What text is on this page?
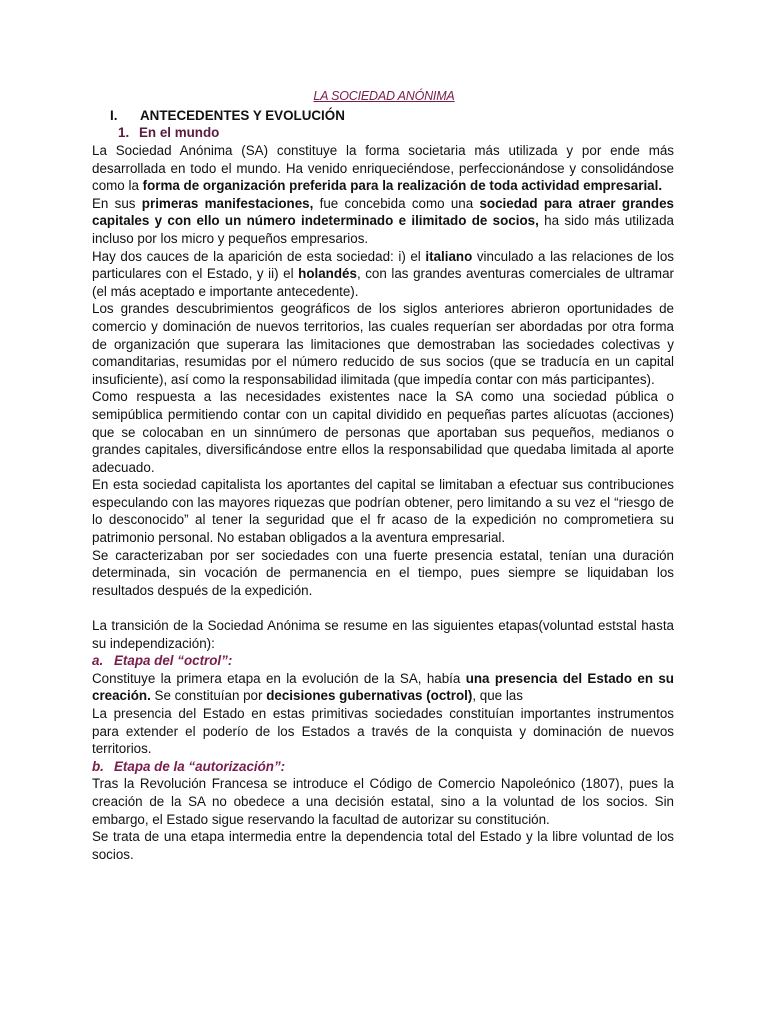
LA SOCIEDAD ANÓNIMA
I. ANTECEDENTES Y EVOLUCIÓN
1. En el mundo

La Sociedad Anónima (SA) constituye la forma societaria más utilizada y por ende más desarrollada en todo el mundo. Ha venido enriqueciéndose, perfeccionándose y consolidándose como la forma de organización preferida para la realización de toda actividad empresarial.

En sus primeras manifestaciones, fue concebida como una sociedad para atraer grandes capitales y con ello un número indeterminado e ilimitado de socios, ha sido más utilizada incluso por los micro y pequeños empresarios.

Hay dos cauces de la aparición de esta sociedad: i) el italiano vinculado a las relaciones de los particulares con el Estado, y ii) el holandés, con las grandes aventuras comerciales de ultramar (el más aceptado e importante antecedente).

Los grandes descubrimientos geográficos de los siglos anteriores abrieron oportunidades de comercio y dominación de nuevos territorios, las cuales requerían ser abordadas por otra forma de organización que superara las limitaciones que demostraban las sociedades colectivas y comanditarias, resumidas por el número reducido de sus socios (que se traducía en un capital insuficiente), así como la responsabilidad ilimitada (que impedía contar con más participantes).

Como respuesta a las necesidades existentes nace la SA como una sociedad pública o semipública permitiendo contar con un capital dividido en pequeñas partes alícuotas (acciones) que se colocaban en un sinnúmero de personas que aportaban sus pequeños, medianos o grandes capitales, diversificándose entre ellos la responsabilidad que quedaba limitada al aporte adecuado.

En esta sociedad capitalista los aportantes del capital se limitaban a efectuar sus contribuciones especulando con las mayores riquezas que podrían obtener, pero limitando a su vez el “riesgo de lo desconocido” al tener la seguridad que el fr acaso de la expedición no comprometiera su patrimonio personal. No estaban obligados a la aventura empresarial.

Se caracterizaban por ser sociedades con una fuerte presencia estatal, tenían una duración determinada, sin vocación de permanencia en el tiempo, pues siempre se liquidaban los resultados después de la expedición.

La transición de la Sociedad Anónima se resume en las siguientes etapas(voluntad eststal hasta su independización):

a. Etapa del “octrol”:

Constituye la primera etapa en la evolución de la SA, había una presencia del Estado en su creación. Se constituían por decisiones gubernativas (octrol), que las

La presencia del Estado en estas primitivas sociedades constituían importantes instrumentos para extender el poderío de los Estados a través de la conquista y dominación de nuevos territorios.

b. Etapa de la “autorización”:

Tras la Revolución Francesa se introduce el Código de Comercio Napoleónico (1807), pues la creación de la SA no obedece a una decisión estatal, sino a la voluntad de los socios. Sin embargo, el Estado sigue reservando la facultad de autorizar su constitución.

Se trata de una etapa intermedia entre la dependencia total del Estado y la libre voluntad de los socios.
